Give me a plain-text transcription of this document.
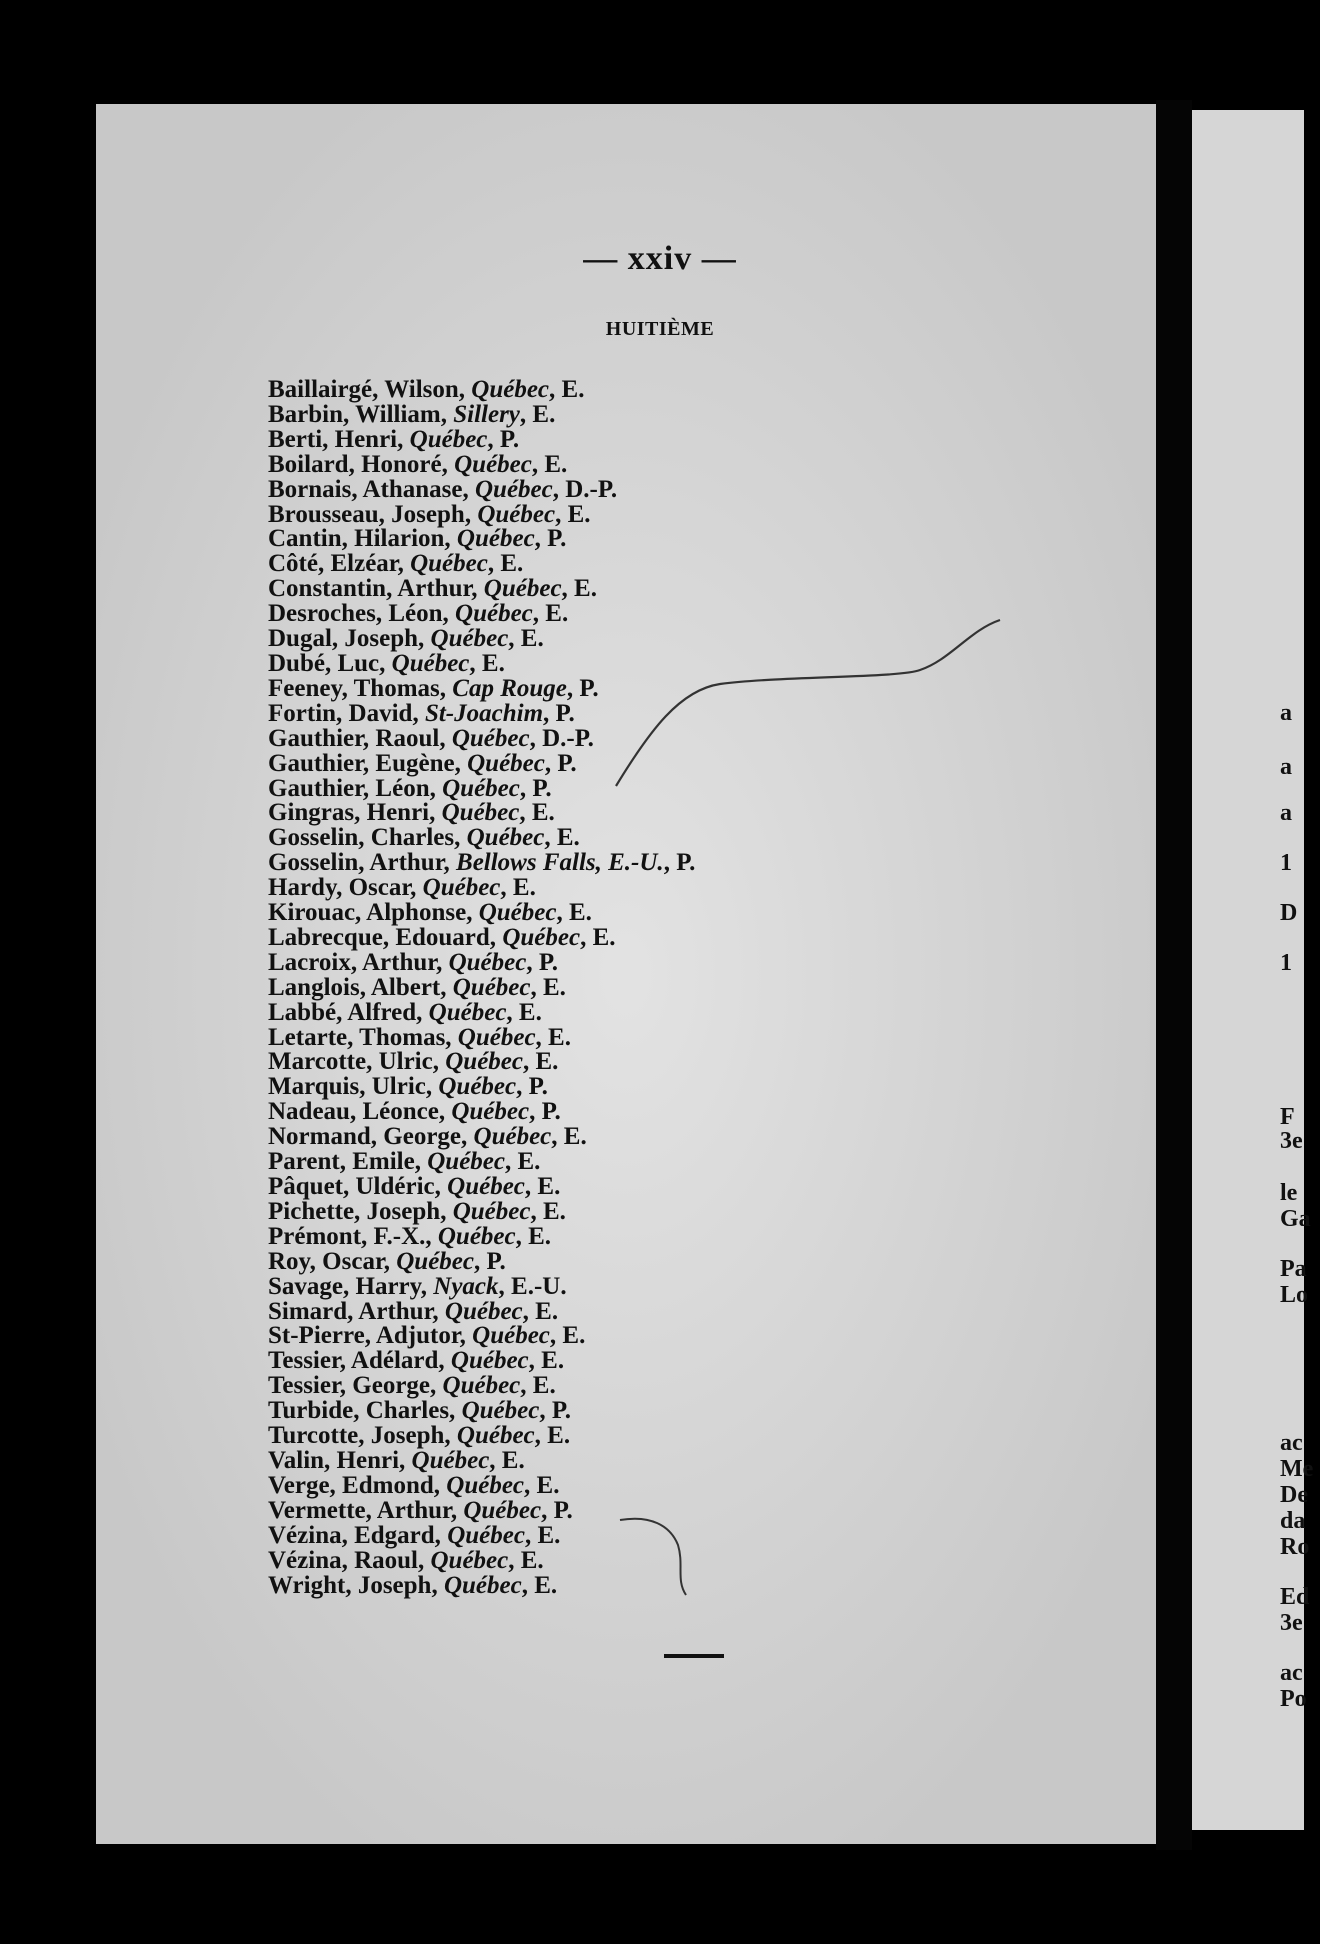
— xxiv —
HUITIÈME
Baillairgé, Wilson, Québec, E.
Barbin, William, Sillery, E.
Berti, Henri, Québec, P.
Boilard, Honoré, Québec, E.
Bornais, Athanase, Québec, D.-P.
Brousseau, Joseph, Québec, E.
Cantin, Hilarion, Québec, P.
Côté, Elzéar, Québec, E.
Constantin, Arthur, Québec, E.
Desroches, Léon, Québec, E.
Dugal, Joseph, Québec, E.
Dubé, Luc, Québec, E.
Feeney, Thomas, Cap Rouge, P.
Fortin, David, St-Joachim, P.
Gauthier, Raoul, Québec, D.-P.
Gauthier, Eugène, Québec, P.
Gauthier, Léon, Québec, P.
Gingras, Henri, Québec, E.
Gosselin, Charles, Québec, E.
Gosselin, Arthur, Bellows Falls, E.-U., P.
Hardy, Oscar, Québec, E.
Kirouac, Alphonse, Québec, E.
Labrecque, Edouard, Québec, E.
Lacroix, Arthur, Québec, P.
Langlois, Albert, Québec, E.
Labbé, Alfred, Québec, E.
Letarte, Thomas, Québec, E.
Marcotte, Ulric, Québec, E.
Marquis, Ulric, Québec, P.
Nadeau, Léonce, Québec, P.
Normand, George, Québec, E.
Parent, Emile, Québec, E.
Pâquet, Uldéric, Québec, E.
Pichette, Joseph, Québec, E.
Prémont, F.-X., Québec, E.
Roy, Oscar, Québec, P.
Savage, Harry, Nyack, E.-U.
Simard, Arthur, Québec, E.
St-Pierre, Adjutor, Québec, E.
Tessier, Adélard, Québec, E.
Tessier, George, Québec, E.
Turbide, Charles, Québec, P.
Turcotte, Joseph, Québec, E.
Valin, Henri, Québec, E.
Verge, Edmond, Québec, E.
Vermette, Arthur, Québec, P.
Vézina, Edgard, Québec, E.
Vézina, Raoul, Québec, E.
Wright, Joseph, Québec, E.
a
a
a
1
D
1
F
3e
le
Ga
Pa
Lo
ac
Me
De
da
Ro
Ed
3e
ac
Po
